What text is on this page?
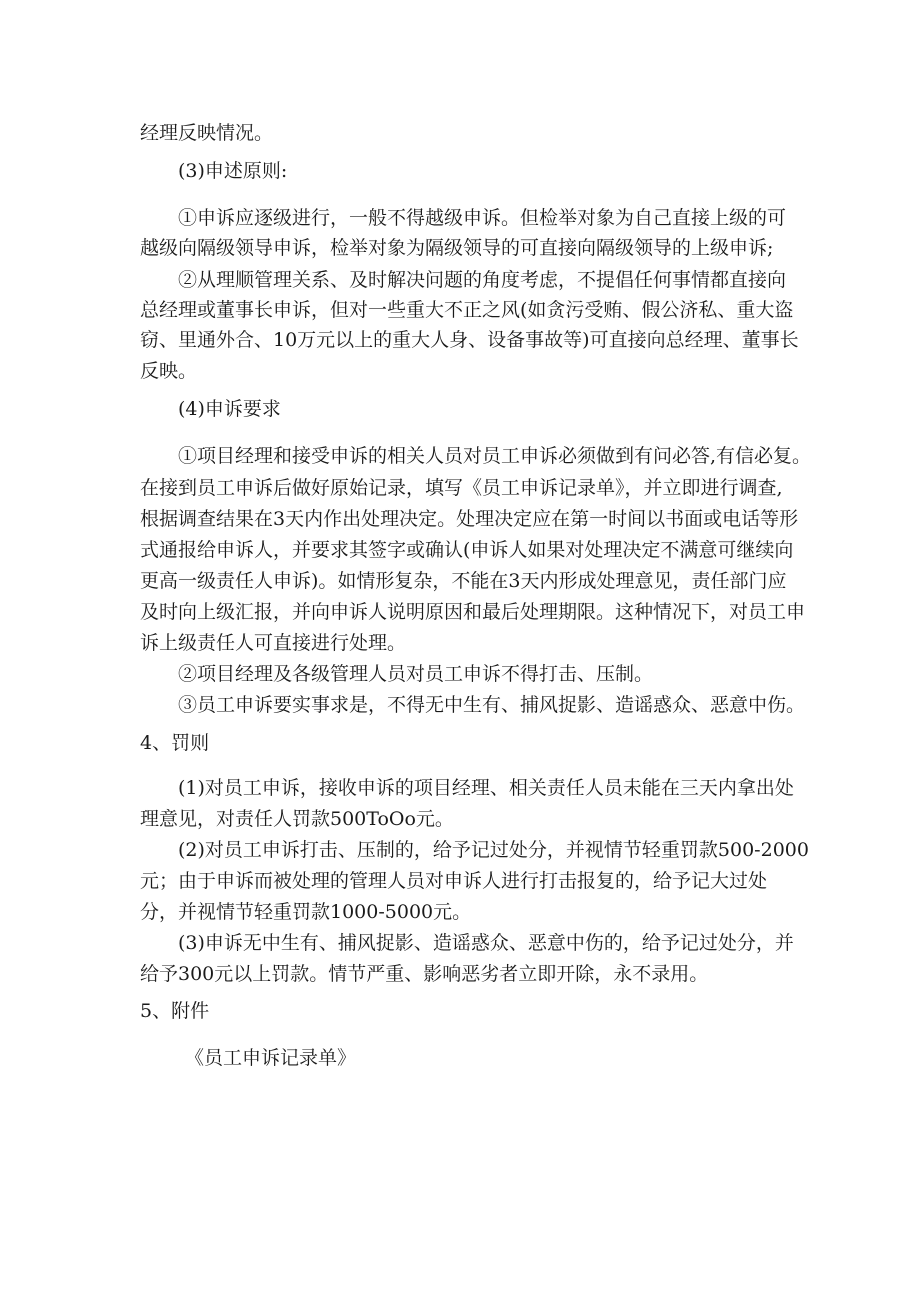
经理反映情况。
(3)申述原则:
①申诉应逐级进行，一般不得越级申诉。但检举对象为自己直接上级的可
越级向隔级领导申诉，检举对象为隔级领导的可直接向隔级领导的上级申诉;
②从理顺管理关系、及时解决问题的角度考虑，不提倡任何事情都直接向
总经理或董事长申诉，但对一些重大不正之风(如贪污受贿、假公济私、重大盗
窃、里通外合、10万元以上的重大人身、设备事故等)可直接向总经理、董事长
反映。
(4)申诉要求
①项目经理和接受申诉的相关人员对员工申诉必须做到有问必答,有信必复。
在接到员工申诉后做好原始记录，填写《员工申诉记录单》，并立即进行调查,
根据调查结果在3天内作出处理决定。处理决定应在第一时间以书面或电话等形
式通报给申诉人，并要求其签字或确认(申诉人如果对处理决定不满意可继续向
更高一级责任人申诉)。如情形复杂，不能在3天内形成处理意见，责任部门应
及时向上级汇报，并向申诉人说明原因和最后处理期限。这种情况下，对员工申
诉上级责任人可直接进行处理。
②项目经理及各级管理人员对员工申诉不得打击、压制。
③员工申诉要实事求是，不得无中生有、捕风捉影、造谣惑众、恶意中伤。
4、罚则
(1)对员工申诉，接收申诉的项目经理、相关责任人员未能在三天内拿出处
理意见，对责任人罚款500ToOo元。
(2)对员工申诉打击、压制的，给予记过处分，并视情节轻重罚款500-2000
元；由于申诉而被处理的管理人员对申诉人进行打击报复的，给予记大过处
分，并视情节轻重罚款1000-5000元。
(3)申诉无中生有、捕风捉影、造谣惑众、恶意中伤的，给予记过处分，并
给予300元以上罚款。情节严重、影响恶劣者立即开除，永不录用。
5、附件
《员工申诉记录单》
